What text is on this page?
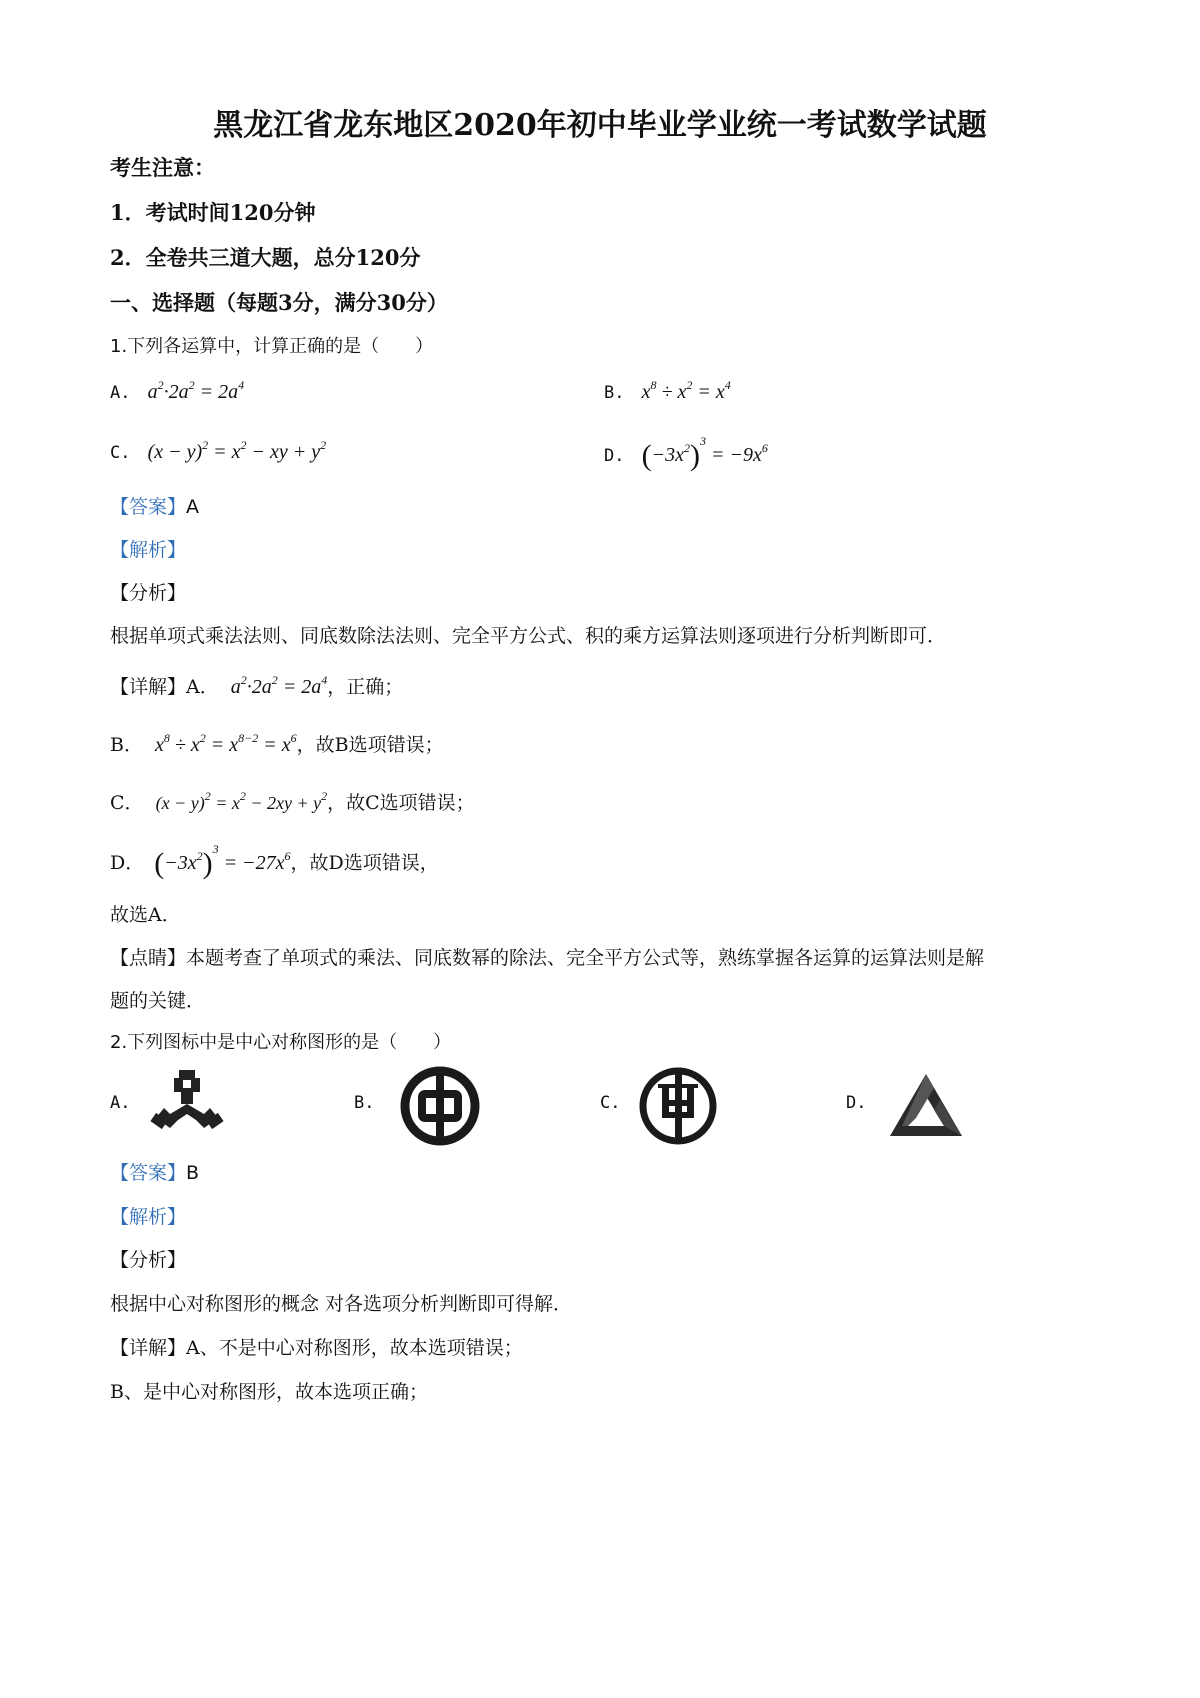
黑龙江省龙东地区2020年初中毕业学业统一考试数学试题
考生注意：
1．考试时间120分钟
2．全卷共三道大题，总分120分
一、选择题（每题3分，满分30分）
1.下列各运算中，计算正确的是（　　）
A. $a^2\cdot 2a^2 = 2a^4$	B. $x^8 \div x^2 = x^4$
C. $(x - y)^2 = x^2$ − xy + $y^2$
D. $(-3x^2)^3 = -9x^6$
【答案】A
【解析】
【分析】
根据单项式乘法法则、同底数除法法则、完全平方公式、积的乘方运算法则逐项进行分析判断即可．
【详解】A． $a^2\cdot 2a^2 = 2a^4$，正确；
B． $x^8 \div x^2 = x^{8-2} = x^6$，故B选项错误；
C． $(x - y)^2 = x^2 - 2xy + y^2$，故C选项错误；
D． $(-3x^2)^3 = -27x^6$，故D选项错误，
故选A．
【点睛】本题考查了单项式的乘法、同底数幂的除法、完全平方公式等，熟练掌握各运算的运算法则是解
题的关键．
2.下列图标中是中心对称图形的是（　　）
A.	B.	C.	D.
【答案】B
【解析】
【分析】
根据中心对称图形的概念 对各选项分析判断即可得解．
【详解】A、不是中心对称图形，故本选项错误；
B、是中心对称图形，故本选项正确；
